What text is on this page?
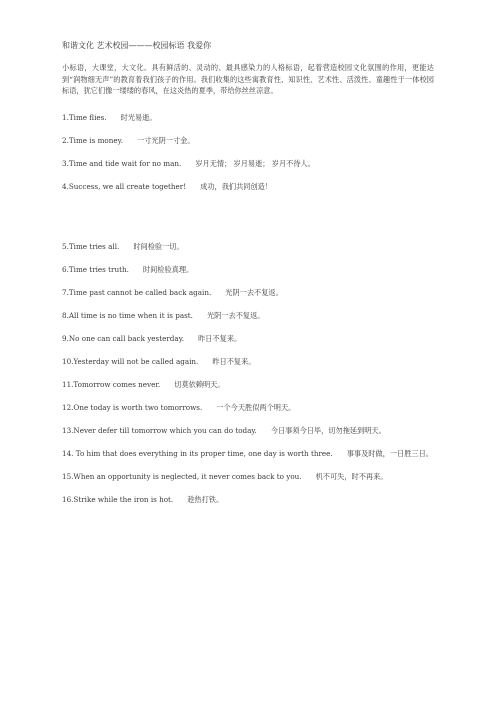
和谐文化 艺术校园———校园标语 我爱你

小标语，大课堂，大文化。具有鲜活的、灵动的、最具感染力的人格标语，起着营造校园文化氛围的作用，更能达到“润物细无声”的教育着我们孩子的作用。我们收集的这些寓教育性、知识性、艺术性、活泼性、童趣性于一体校园标语，犹它们像一缕缕的春风，在这炎热的夏季，带给你丝丝凉意。

1.Time flies. 时光易逝。

2.Time is money. 一寸光阴一寸金。

3.Time and tide wait for no man. 岁月无情； 岁月易逝； 岁月不待人。

4.Success, we all create together! 成功，我们共同创造！

5.Time tries all. 时间检验一切。

6.Time tries truth. 时间检验真理。

7.Time past cannot be called back again. 光阴一去不复返。

8.All time is no time when it is past. 光阴一去不复返。

9.No one can call back yesterday. 昨日不复来。

10.Yesterday will not be called again. 昨日不复来。

11.Tomorrow comes never. 切莫依赖明天。

12.One today is worth two tomorrows. 一个今天胜似两个明天。

13.Never defer till tomorrow which you can do today. 今日事须今日毕，切勿拖延到明天。

14. To him that does everything in its proper time, one day is worth three. 事事及时做，一日胜三日。

15.When an opportunity is neglected, it never comes back to you. 机不可失，时不再来。

16.Strike while the iron is hot. 趁热打铁。
